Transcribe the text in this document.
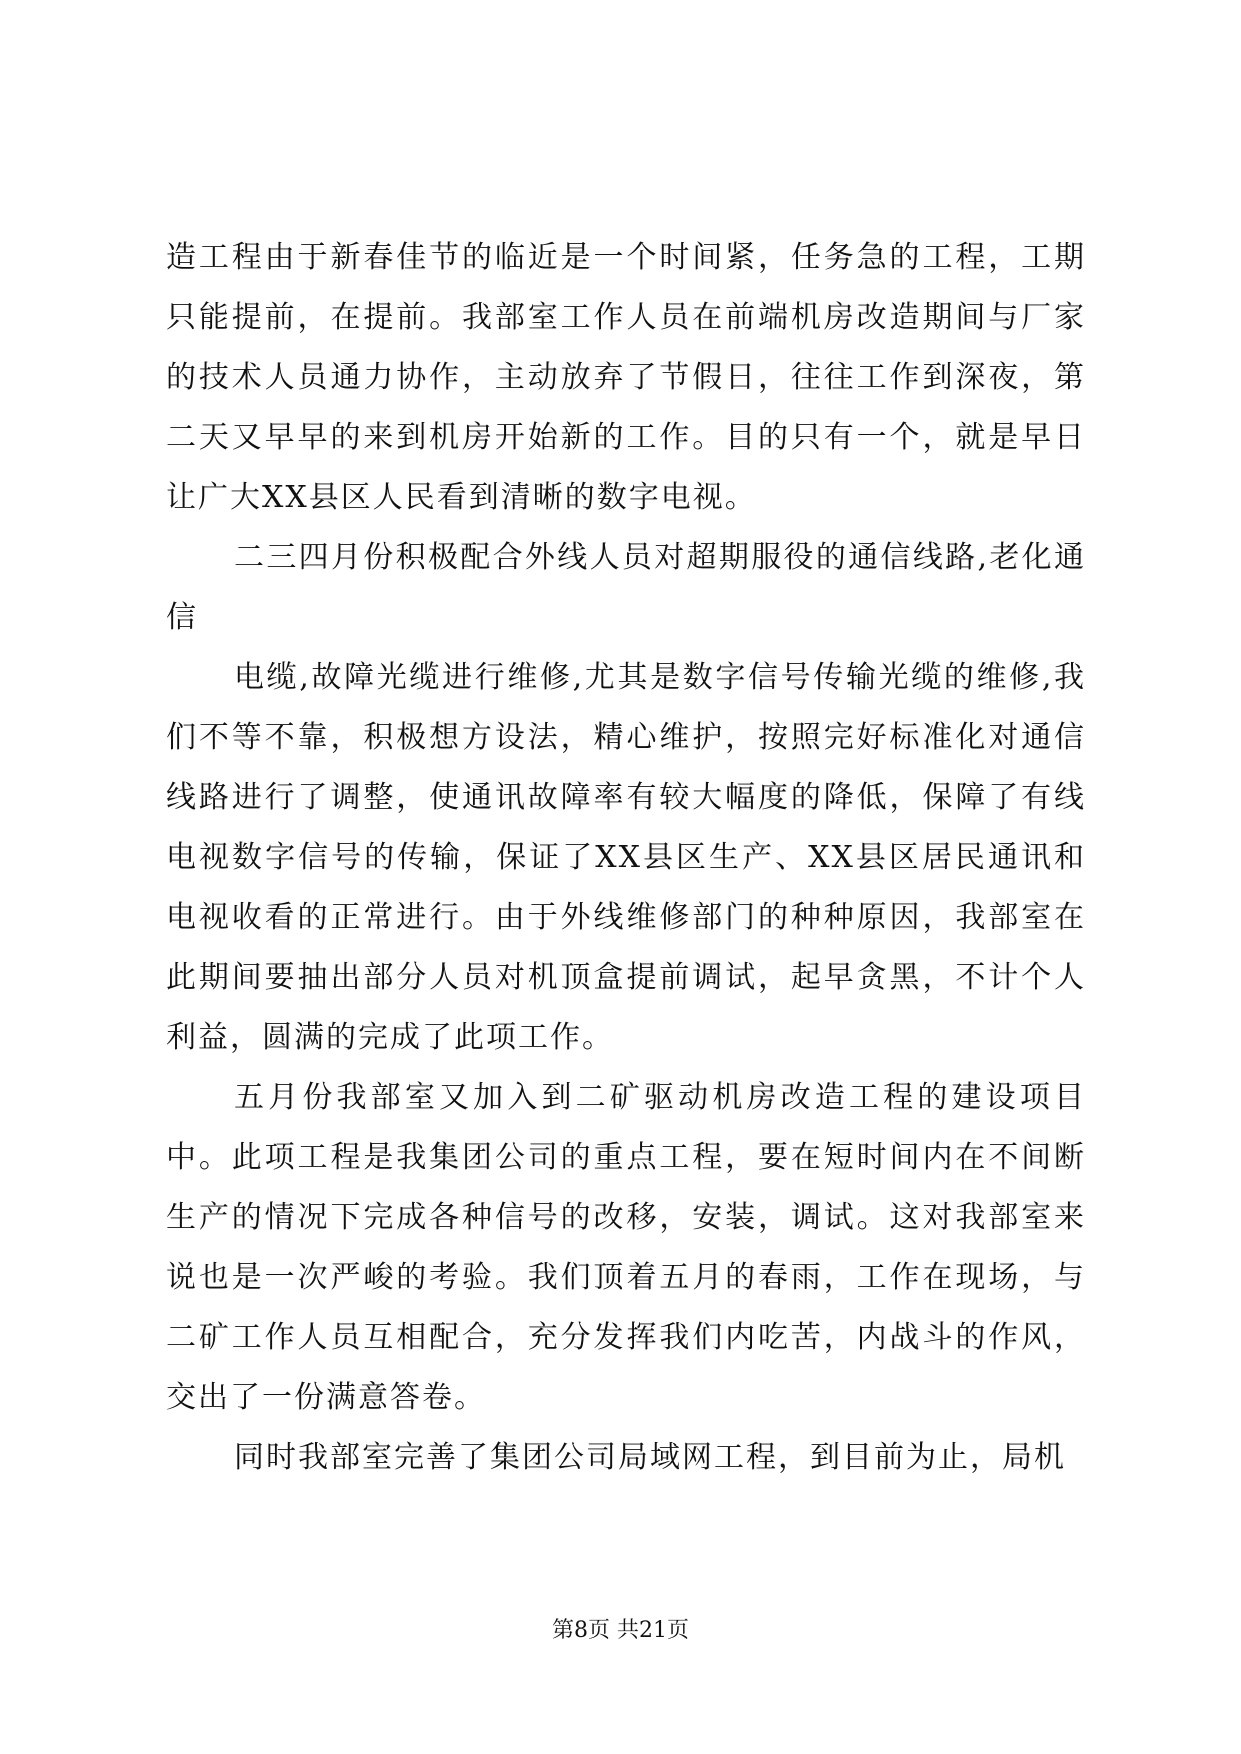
造工程由于新春佳节的临近是一个时间紧，任务急的工程，工期只能提前，在提前。我部室工作人员在前端机房改造期间与厂家的技术人员通力协作，主动放弃了节假日，往往工作到深夜，第二天又早早的来到机房开始新的工作。目的只有一个，就是早日让广大XX县区人民看到清晰的数字电视。

二三四月份积极配合外线人员对超期服役的通信线路,老化通信

电缆,故障光缆进行维修,尤其是数字信号传输光缆的维修,我们不等不靠，积极想方设法，精心维护，按照完好标准化对通信线路进行了调整，使通讯故障率有较大幅度的降低，保障了有线电视数字信号的传输，保证了XX县区生产、XX县区居民通讯和电视收看的正常进行。由于外线维修部门的种种原因，我部室在此期间要抽出部分人员对机顶盒提前调试，起早贪黑，不计个人利益，圆满的完成了此项工作。

五月份我部室又加入到二矿驱动机房改造工程的建设项目中。此项工程是我集团公司的重点工程，要在短时间内在不间断生产的情况下完成各种信号的改移，安装，调试。这对我部室来说也是一次严峻的考验。我们顶着五月的春雨，工作在现场，与二矿工作人员互相配合，充分发挥我们内吃苦，内战斗的作风，交出了一份满意答卷。

同时我部室完善了集团公司局域网工程，到目前为止，局机

第8页 共21页
